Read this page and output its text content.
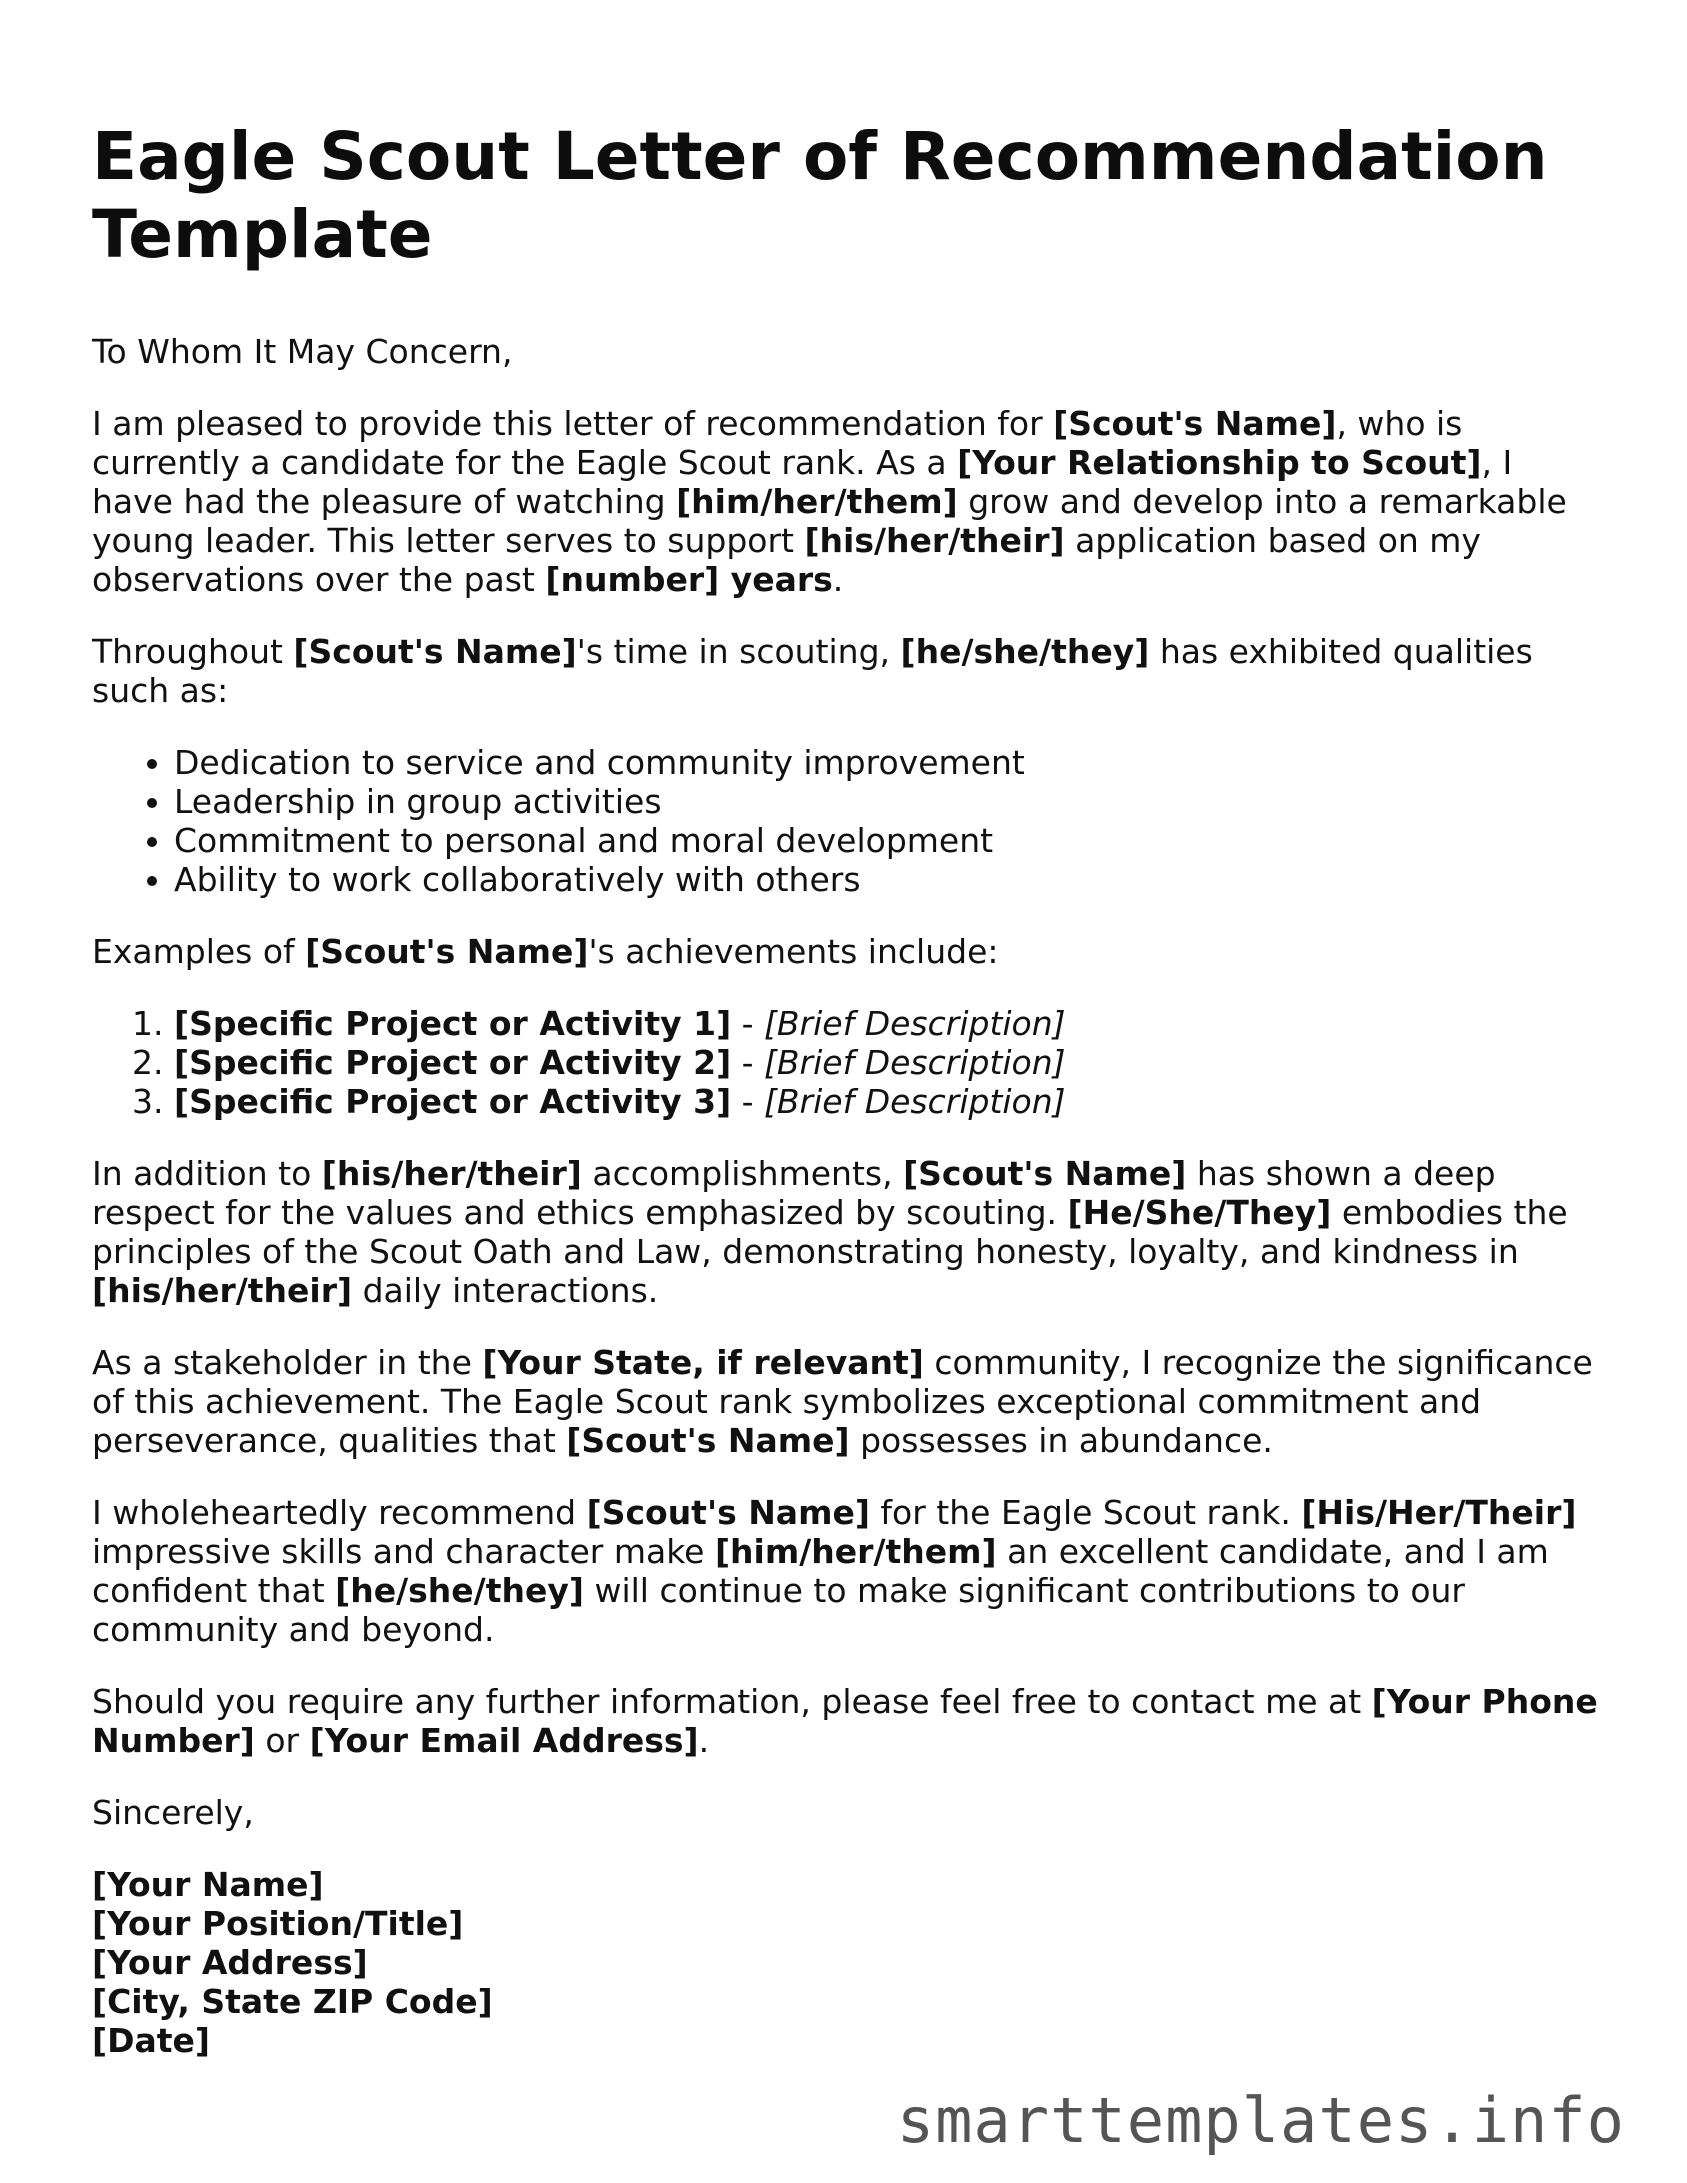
Eagle Scout Letter of Recommendation Template

To Whom It May Concern,

I am pleased to provide this letter of recommendation for [Scout's Name], who is currently a candidate for the Eagle Scout rank. As a [Your Relationship to Scout], I have had the pleasure of watching [him/her/them] grow and develop into a remarkable young leader. This letter serves to support [his/her/their] application based on my observations over the past [number] years.

Throughout [Scout's Name]'s time in scouting, [he/she/they] has exhibited qualities such as:

• Dedication to service and community improvement
• Leadership in group activities
• Commitment to personal and moral development
• Ability to work collaboratively with others

Examples of [Scout's Name]'s achievements include:

1. [Specific Project or Activity 1] - [Brief Description]
2. [Specific Project or Activity 2] - [Brief Description]
3. [Specific Project or Activity 3] - [Brief Description]

In addition to [his/her/their] accomplishments, [Scout's Name] has shown a deep respect for the values and ethics emphasized by scouting. [He/She/They] embodies the principles of the Scout Oath and Law, demonstrating honesty, loyalty, and kindness in [his/her/their] daily interactions.

As a stakeholder in the [Your State, if relevant] community, I recognize the significance of this achievement. The Eagle Scout rank symbolizes exceptional commitment and perseverance, qualities that [Scout's Name] possesses in abundance.

I wholeheartedly recommend [Scout's Name] for the Eagle Scout rank. [His/Her/Their] impressive skills and character make [him/her/them] an excellent candidate, and I am confident that [he/she/they] will continue to make significant contributions to our community and beyond.

Should you require any further information, please feel free to contact me at [Your Phone Number] or [Your Email Address].

Sincerely,

[Your Name]
[Your Position/Title]
[Your Address]
[City, State ZIP Code]
[Date]
smarttemplates.info
